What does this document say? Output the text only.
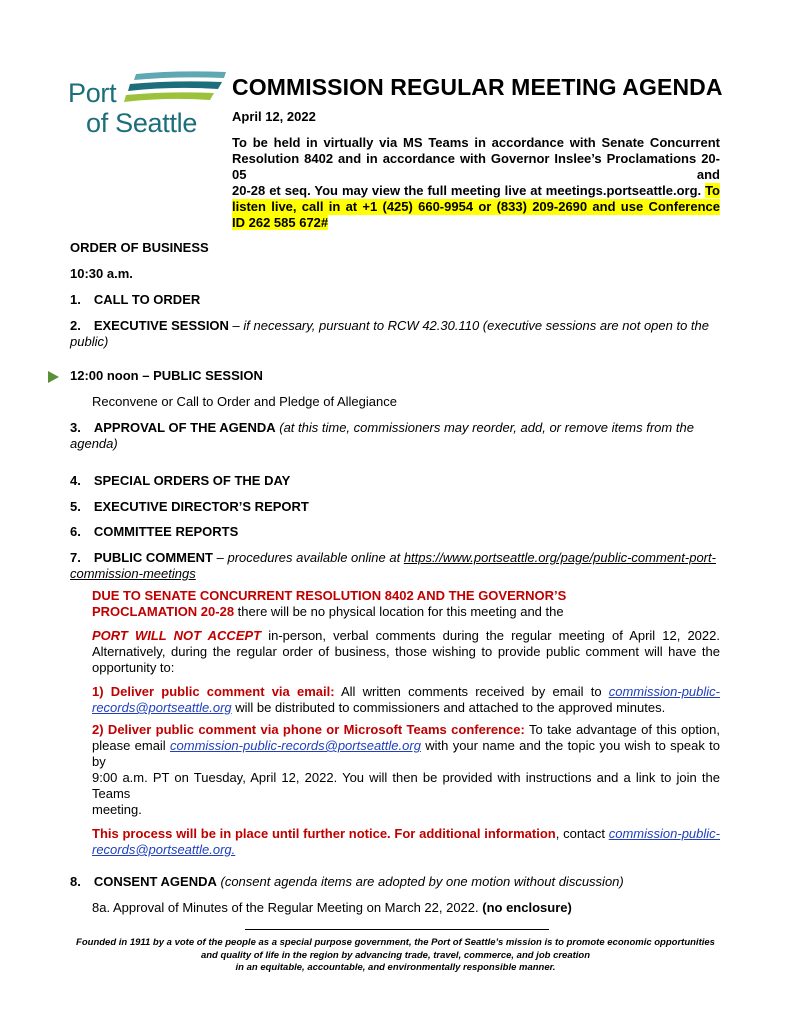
Port
of Seattle
COMMISSION REGULAR MEETING AGENDA
April 12, 2022
To be held in virtually via MS Teams in accordance with Senate Concurrent
Resolution 8402 and in accordance with Governor Inslee’s Proclamations 20-05 and
20-28 et seq. You may view the full meeting live at meetings.portseattle.org. To
listen live, call in at +1 (425) 660-9954 or (833) 209-2690 and use Conference
ID 262 585 672#
ORDER OF BUSINESS
10:30 a.m.
1. CALL TO ORDER
2. EXECUTIVE SESSION – if necessary, pursuant to RCW 42.30.110 (executive sessions are not open to the
public)
12:00 noon – PUBLIC SESSION
Reconvene or Call to Order and Pledge of Allegiance
3. APPROVAL OF THE AGENDA (at this time, commissioners may reorder, add, or remove items from the
agenda)
4. SPECIAL ORDERS OF THE DAY
5. EXECUTIVE DIRECTOR’S REPORT
6. COMMITTEE REPORTS
7. PUBLIC COMMENT – procedures available online at https://www.portseattle.org/page/public-comment-port-
commission-meetings
DUE TO SENATE CONCURRENT RESOLUTION 8402 AND THE GOVERNOR’S
PROCLAMATION 20-28 there will be no physical location for this meeting and the
PORT WILL NOT ACCEPT in-person, verbal comments during the regular meeting of April 12, 2022.
Alternatively, during the regular order of business, those wishing to provide public comment will have the
opportunity to:
1) Deliver public comment via email: All written comments received by email to commission-public-
records@portseattle.org will be distributed to commissioners and attached to the approved minutes.
2) Deliver public comment via phone or Microsoft Teams conference: To take advantage of this option,
please email commission-public-records@portseattle.org with your name and the topic you wish to speak to by
9:00 a.m. PT on Tuesday, April 12, 2022. You will then be provided with instructions and a link to join the Teams
meeting.
This process will be in place until further notice. For additional information, contact commission-public-
records@portseattle.org.
8. CONSENT AGENDA (consent agenda items are adopted by one motion without discussion)
8a. Approval of Minutes of the Regular Meeting on March 22, 2022. (no enclosure)
Founded in 1911 by a vote of the people as a special purpose government, the Port of Seattle’s mission is to promote economic opportunities
and quality of life in the region by advancing trade, travel, commerce, and job creation
in an equitable, accountable, and environmentally responsible manner.
